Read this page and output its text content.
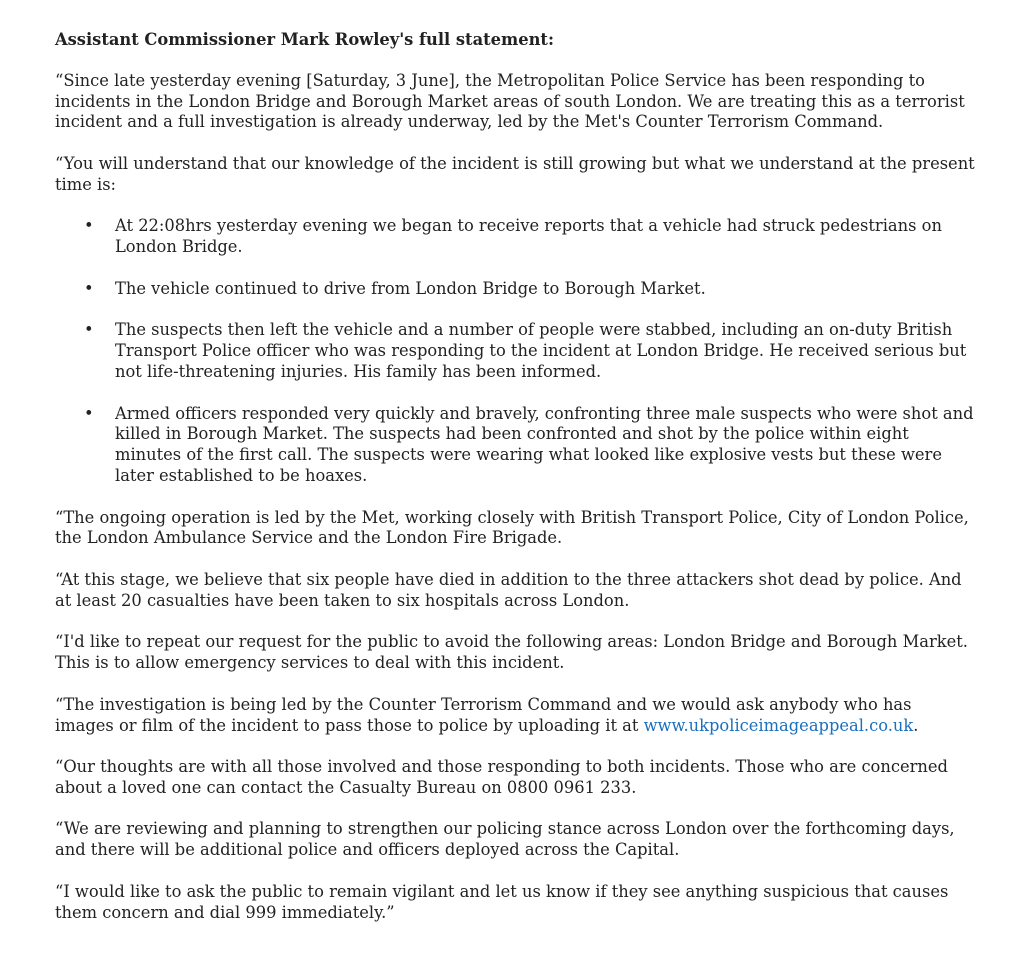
Assistant Commissioner Mark Rowley's full statement:

“Since late yesterday evening [Saturday, 3 June], the Metropolitan Police Service has been responding to incidents in the London Bridge and Borough Market areas of south London. We are treating this as a terrorist incident and a full investigation is already underway, led by the Met's Counter Terrorism Command.

“You will understand that our knowledge of the incident is still growing but what we understand at the present time is:

• At 22:08hrs yesterday evening we began to receive reports that a vehicle had struck pedestrians on London Bridge.
• The vehicle continued to drive from London Bridge to Borough Market.
• The suspects then left the vehicle and a number of people were stabbed, including an on-duty British Transport Police officer who was responding to the incident at London Bridge. He received serious but not life-threatening injuries. His family has been informed.
• Armed officers responded very quickly and bravely, confronting three male suspects who were shot and killed in Borough Market. The suspects had been confronted and shot by the police within eight minutes of the first call. The suspects were wearing what looked like explosive vests but these were later established to be hoaxes.

“The ongoing operation is led by the Met, working closely with British Transport Police, City of London Police, the London Ambulance Service and the London Fire Brigade.

“At this stage, we believe that six people have died in addition to the three attackers shot dead by police. And at least 20 casualties have been taken to six hospitals across London.

“I'd like to repeat our request for the public to avoid the following areas: London Bridge and Borough Market. This is to allow emergency services to deal with this incident.

“The investigation is being led by the Counter Terrorism Command and we would ask anybody who has images or film of the incident to pass those to police by uploading it at www.ukpoliceimageappeal.co.uk.

“Our thoughts are with all those involved and those responding to both incidents. Those who are concerned about a loved one can contact the Casualty Bureau on 0800 0961 233.

“We are reviewing and planning to strengthen our policing stance across London over the forthcoming days, and there will be additional police and officers deployed across the Capital.

“I would like to ask the public to remain vigilant and let us know if they see anything suspicious that causes them concern and dial 999 immediately.”
